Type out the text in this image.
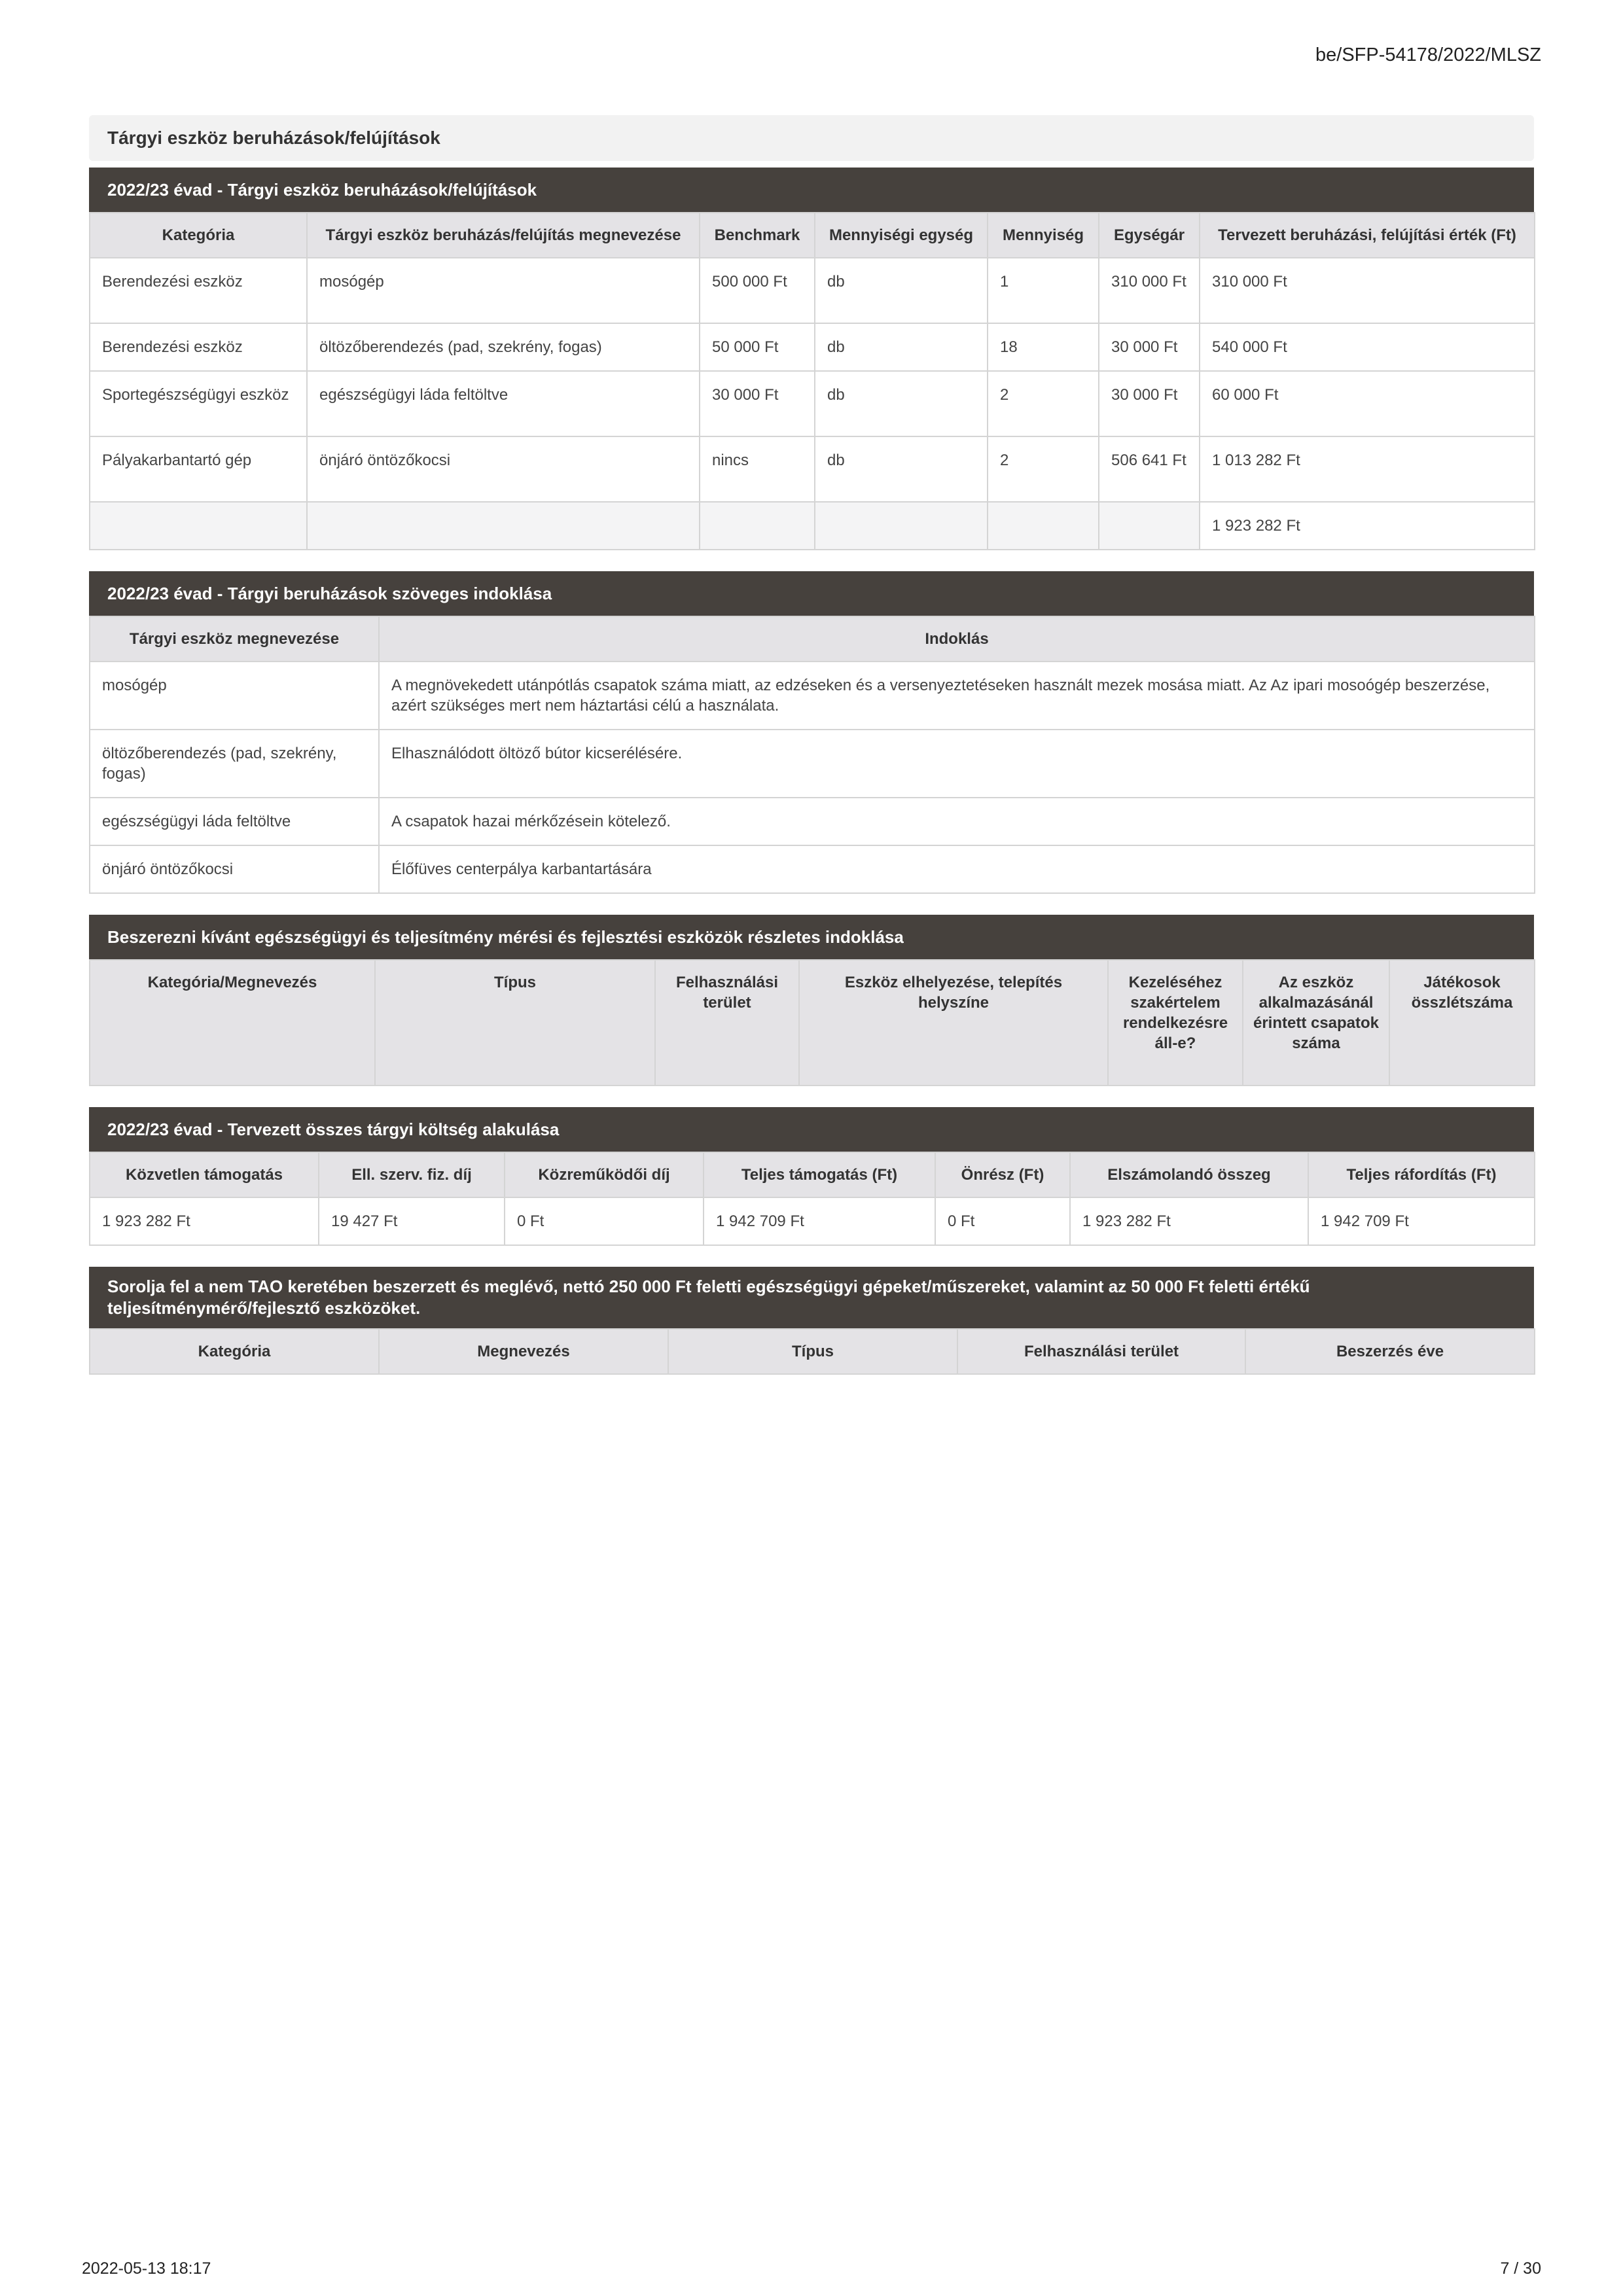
be/SFP-54178/2022/MLSZ
Tárgyi eszköz beruházások/felújítások
2022/23 évad - Tárgyi eszköz beruházások/felújítások
Kategória	Tárgyi eszköz beruházás/felújítás megnevezése	Benchmark	Mennyiségi egység	Mennyiség	Egységár	Tervezett beruházási, felújítási érték (Ft)
Berendezési eszköz	mosógép	500 000 Ft	db	1	310 000 Ft	310 000 Ft
Berendezési eszköz	öltözőberendezés (pad, szekrény, fogas)	50 000 Ft	db	18	30 000 Ft	540 000 Ft
Sportegészségügyi eszköz	egészségügyi láda feltöltve	30 000 Ft	db	2	30 000 Ft	60 000 Ft
Pályakarbantartó gép	önjáró öntözőkocsi	nincs	db	2	506 641 Ft	1 013 282 Ft
						1 923 282 Ft
2022/23 évad - Tárgyi beruházások szöveges indoklása
Tárgyi eszköz megnevezése	Indoklás
mosógép	A megnövekedett utánpótlás csapatok száma miatt, az edzéseken és a versenyeztetéseken használt mezek mosása miatt. Az Az ipari mosoógép beszerzése, azért szükséges mert nem háztartási célú a használata.
öltözőberendezés (pad, szekrény, fogas)	Elhasználódott öltöző bútor kicserélésére.
egészségügyi láda feltöltve	A csapatok hazai mérkőzésein kötelező.
önjáró öntözőkocsi	Élőfüves centerpálya karbantartására
Beszerezni kívánt egészségügyi és teljesítmény mérési és fejlesztési eszközök részletes indoklása
Kategória/Megnevezés	Típus	Felhasználási terület	Eszköz elhelyezése, telepítés helyszíne	Kezeléséhez szakértelem rendelkezésre áll-e?	Az eszköz alkalmazásánál érintett csapatok száma	Játékosok összlétszáma
2022/23 évad - Tervezett összes tárgyi költség alakulása
Közvetlen támogatás	Ell. szerv. fiz. díj	Közreműködői díj	Teljes támogatás (Ft)	Önrész (Ft)	Elszámolandó összeg	Teljes ráfordítás (Ft)
1 923 282 Ft	19 427 Ft	0 Ft	1 942 709 Ft	0 Ft	1 923 282 Ft	1 942 709 Ft
Sorolja fel a nem TAO keretében beszerzett és meglévő, nettó 250 000 Ft feletti egészségügyi gépeket/műszereket, valamint az 50 000 Ft feletti értékű teljesítménymérő/fejlesztő eszközöket.
Kategória	Megnevezés	Típus	Felhasználási terület	Beszerzés éve
2022-05-13 18:17	7 / 30
